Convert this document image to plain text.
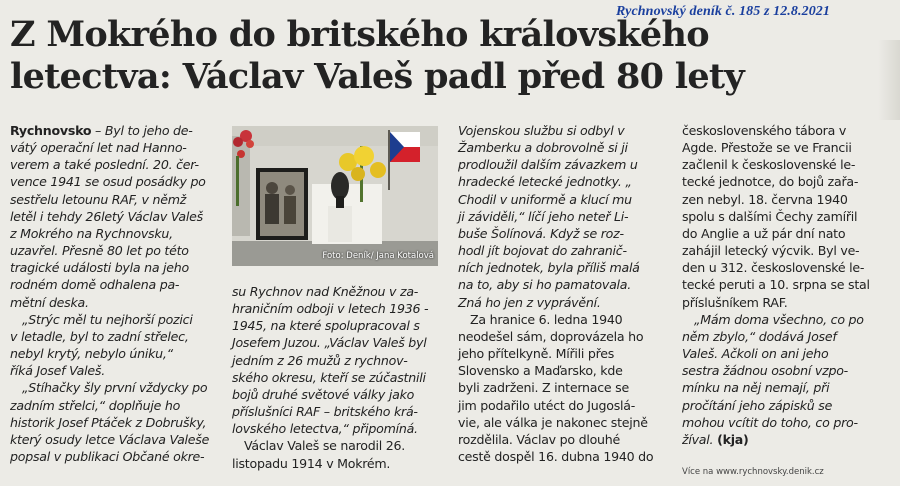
Rychnovský deník č. 185 z 12.8.2021
Z Mokrého do britského královského
letectva: Václav Valeš padl před 80 lety

Rychnovsko – Byl to jeho de-
vátý operační let nad Hanno-
verem a také poslední. 20. čer-
vence 1941 se osud posádky po
sestřelu letounu RAF, v němž
letěl i tehdy 26letý Václav Valeš
z Mokrého na Rychnovsku,
uzavřel. Přesně 80 let po této
tragické události byla na jeho
rodném domě odhalena pa-
mětní deska.

„Strýc měl tu nejhorší pozici
v letadle, byl to zadní střelec,
nebyl krytý, nebylo úniku,“
říká Josef Valeš.

„Stíhačky šly první vždycky po
zadním střelci,“ doplňuje ho
historik Josef Ptáček z Dobrušky,
který osudy letce Václava Valeše
popsal v publikaci Občané okre-

Foto: Deník/ Jana Kotalová

su Rychnov nad Kněžnou v za-
hraničním odboji v letech 1936 -
1945, na které spolupracoval s
Josefem Juzou. „Václav Valeš byl
jedním z 26 mužů z rychnov-
ského okresu, kteří se zúčastnili
bojů druhé světové války jako
příslušníci RAF – britského krá-
lovského letectva,“ připomíná.

Václav Valeš se narodil 26.
listopadu 1914 v Mokrém.

Vojenskou službu si odbyl v
Žamberku a dobrovolně si ji
prodloužil dalším závazkem u
hradecké letecké jednotky. „
Chodil v uniformě a klucí mu
ji záviděli,“ líčí jeho neteř Li-
buše Šolínová. Když se roz-
hodl jít bojovat do zahranič-
ních jednotek, byla příliš malá
na to, aby si ho pamatovala.
Zná ho jen z vyprávění.

Za hranice 6. ledna 1940
neodešel sám, doprovázela ho
jeho přítelkyně. Mířili přes
Slovensko a Maďarsko, kde
byli zadrženi. Z internace se
jim podařilo utéct do Jugoslá-
vie, ale válka je nakonec stejně
rozdělila. Václav po dlouhé
cestě dospěl 16. dubna 1940 do

československého tábora v
Agde. Přestože se ve Francii
začlenil k československé le-
tecké jednotce, do bojů zařa-
zen nebyl. 18. června 1940
spolu s dalšími Čechy zamířil
do Anglie a už pár dní nato
zahájil letecký výcvik. Byl ve-
den u 312. československé le-
tecké peruti a 10. srpna se stal
příslušníkem RAF.

„Mám doma všechno, co po
něm zbylo,“ dodává Josef
Valeš. Ačkoli on ani jeho
sestra žádnou osobní vzpo-
mínku na něj nemají, při
pročítání jeho zápisků se
mohou vcítit do toho, co pro-
žíval. (kja)

Více na www.rychnovsky.denik.cz
